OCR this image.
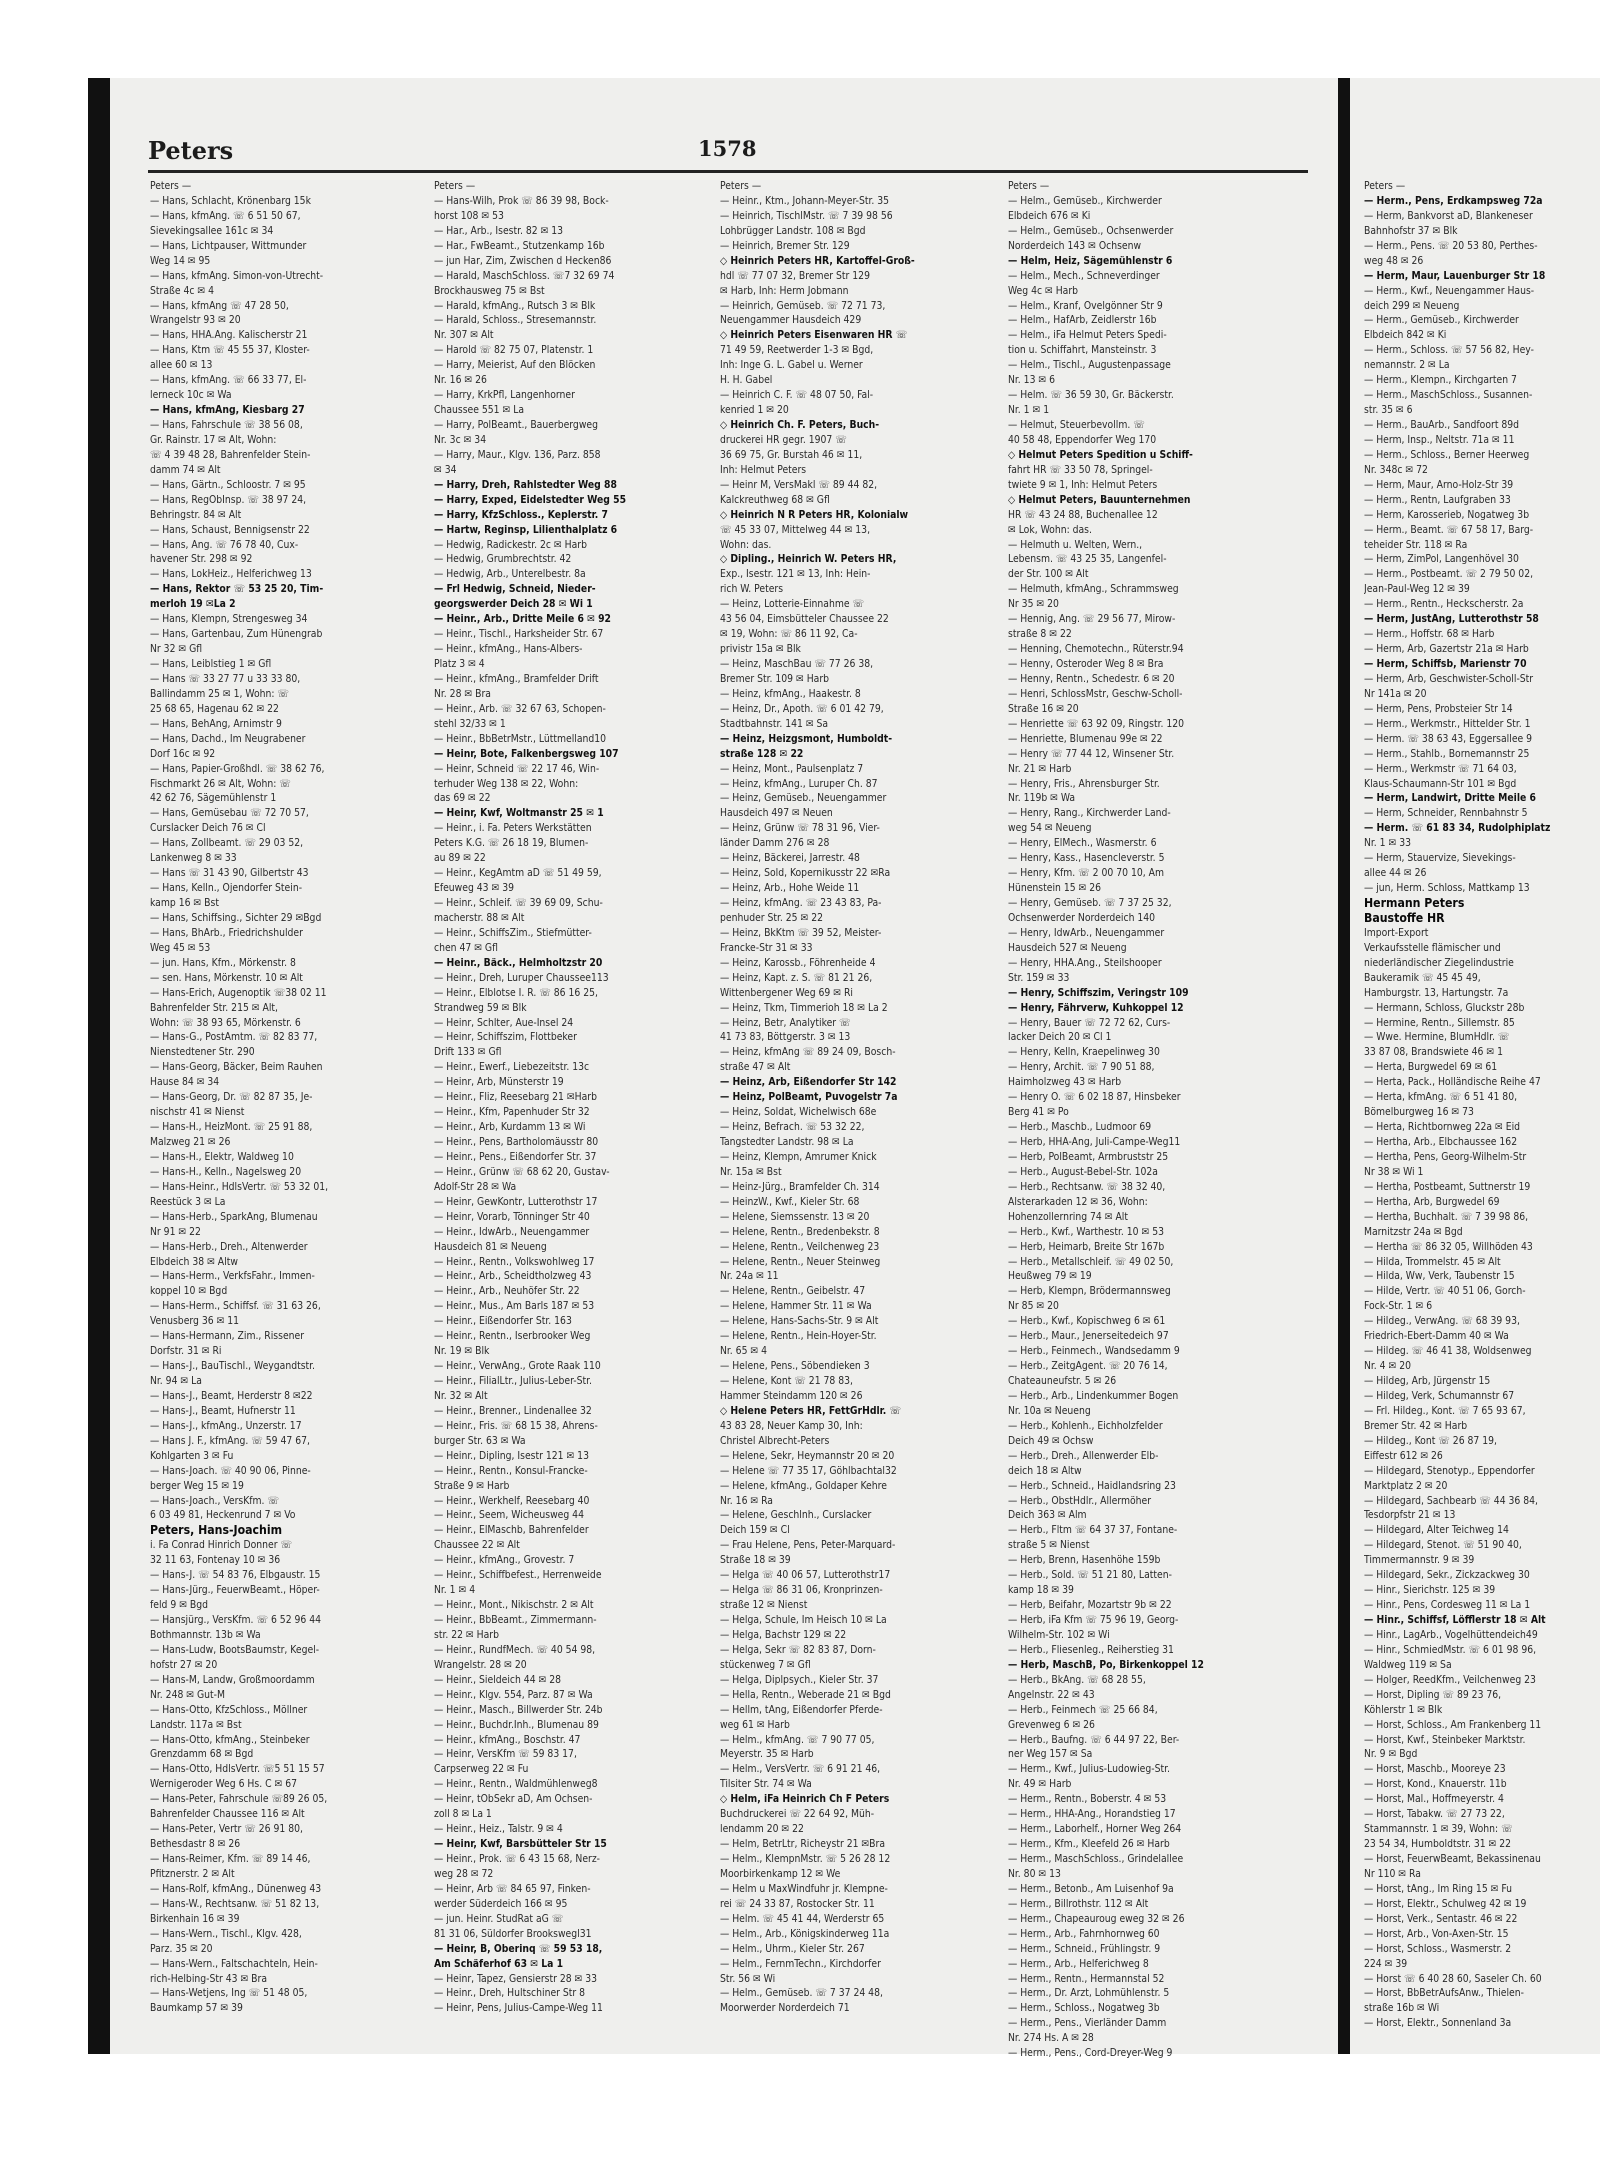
Peters	1578
Peters —
— Hans, Schlacht, Krönenbarg 15k
— Hans, kfmAng. ☏ 6 51 50 67,
Sievekingsallee 161c ✉ 34
— Hans, Lichtpauser, Wittmunder
Weg 14 ✉ 95
— Hans, kfmAng. Simon-von-Utrecht-
Straße 4c ✉ 4
— Hans, kfmAng ☏ 47 28 50,
Wrangelstr 93 ✉ 20
— Hans, HHA.Ang. Kalischerstr 21
— Hans, Ktm ☏ 45 55 37, Kloster-
allee 60 ✉ 13
— Hans, kfmAng. ☏ 66 33 77, El-
lerneck 10c ✉ Wa
— Hans, kfmAng, Kiesbarg 27
— Hans, Fahrschule ☏ 38 56 08,
Gr. Rainstr. 17 ✉ Alt, Wohn:
☏ 4 39 48 28, Bahrenfelder Stein-
damm 74 ✉ Alt
— Hans, Gärtn., Schloostr. 7 ✉ 95
— Hans, RegObInsp. ☏ 38 97 24,
Behringstr. 84 ✉ Alt
— Hans, Schaust, Bennigsenstr 22
— Hans, Ang. ☏ 76 78 40, Cux-
havener Str. 298 ✉ 92
— Hans, LokHeiz., Helferichweg 13
— Hans, Rektor ☏ 53 25 20, Tim-
merloh 19 ✉La 2
— Hans, Klempn, Strengesweg 34
— Hans, Gartenbau, Zum Hünengrab
Nr 32 ✉ Gfl
— Hans, Leiblstieg 1 ✉ Gfl
— Hans ☏ 33 27 77 u 33 33 80,
Ballindamm 25 ✉ 1, Wohn: ☏
25 68 65, Hagenau 62 ✉ 22
— Hans, BehAng, Arnimstr 9
— Hans, Dachd., Im Neugrabener
Dorf 16c ✉ 92
— Hans, Papier-Großhdl. ☏ 38 62 76,
Fischmarkt 26 ✉ Alt, Wohn: ☏
42 62 76, Sägemühlenstr 1
— Hans, Gemüsebau ☏ 72 70 57,
Curslacker Deich 76 ✉ Cl
— Hans, Zollbeamt. ☏ 29 03 52,
Lankenweg 8 ✉ 33
— Hans ☏ 31 43 90, Gilbertstr 43
— Hans, Kelln., Ojendorfer Stein-
kamp 16 ✉ Bst
— Hans, Schiffsing., Sichter 29 ✉Bgd
— Hans, BhArb., Friedrichshulder
Weg 45 ✉ 53
— jun. Hans, Kfm., Mörkenstr. 8
— sen. Hans, Mörkenstr. 10 ✉ Alt
— Hans-Erich, Augenoptik ☏38 02 11
Bahrenfelder Str. 215 ✉ Alt,
Wohn: ☏ 38 93 65, Mörkenstr. 6
— Hans-G., PostAmtm. ☏ 82 83 77,
Nienstedtener Str. 290
— Hans-Georg, Bäcker, Beim Rauhen
Hause 84 ✉ 34
— Hans-Georg, Dr. ☏ 82 87 35, Je-
nischstr 41 ✉ Nienst
— Hans-H., HeizMont. ☏ 25 91 88,
Malzweg 21 ✉ 26
— Hans-H., Elektr, Waldweg 10
— Hans-H., Kelln., Nagelsweg 20
— Hans-Heinr., HdlsVertr. ☏ 53 32 01,
Reestück 3 ✉ La
— Hans-Herb., SparkAng, Blumenau
Nr 91 ✉ 22
— Hans-Herb., Dreh., Altenwerder
Elbdeich 38 ✉ Altw
— Hans-Herm., VerkfsFahr., Immen-
koppel 10 ✉ Bgd
— Hans-Herm., Schiffsf. ☏ 31 63 26,
Venusberg 36 ✉ 11
— Hans-Hermann, Zim., Rissener
Dorfstr. 31 ✉ Ri
— Hans-J., BauTischl., Weygandtstr.
Nr. 94 ✉ La
— Hans-J., Beamt, Herderstr 8 ✉22
— Hans-J., Beamt, Hufnerstr 11
— Hans-J., kfmAng., Unzerstr. 17
— Hans J. F., kfmAng. ☏ 59 47 67,
Kohlgarten 3 ✉ Fu
— Hans-Joach. ☏ 40 90 06, Pinne-
berger Weg 15 ✉ 19
— Hans-Joach., VersKfm. ☏
6 03 49 81, Heckenrund 7 ✉ Vo
Peters, Hans-Joachim
i. Fa Conrad Hinrich Donner ☏
32 11 63, Fontenay 10 ✉ 36
— Hans-J. ☏ 54 83 76, Elbgaustr. 15
— Hans-Jürg., FeuerwBeamt., Höper-
feld 9 ✉ Bgd
— Hansjürg., VersKfm. ☏ 6 52 96 44
Bothmannstr. 13b ✉ Wa
— Hans-Ludw, BootsBaumstr, Kegel-
hofstr 27 ✉ 20
— Hans-M, Landw, Großmoordamm
Nr. 248 ✉ Gut-M
— Hans-Otto, KfzSchloss., Möllner
Landstr. 117a ✉ Bst
— Hans-Otto, kfmAng., Steinbeker
Grenzdamm 68 ✉ Bgd
— Hans-Otto, HdlsVertr. ☏5 51 15 57
Wernigeroder Weg 6 Hs. C ✉ 67
— Hans-Peter, Fahrschule ☏89 26 05,
Bahrenfelder Chaussee 116 ✉ Alt
— Hans-Peter, Vertr ☏ 26 91 80,
Bethesdastr 8 ✉ 26
— Hans-Reimer, Kfm. ☏ 89 14 46,
Pfitznerstr. 2 ✉ Alt
— Hans-Rolf, kfmAng., Dünenweg 43
— Hans-W., Rechtsanw. ☏ 51 82 13,
Birkenhain 16 ✉ 39
— Hans-Wern., Tischl., Klgv. 428,
Parz. 35 ✉ 20
— Hans-Wern., Faltschachteln, Hein-
rich-Helbing-Str 43 ✉ Bra
— Hans-Wetjens, Ing ☏ 51 48 05,
Baumkamp 57 ✉ 39
Peters —
— Hans-Wilh, Prok ☏ 86 39 98, Bock-
horst 108 ✉ 53
— Har., Arb., Isestr. 82 ✉ 13
— Har., FwBeamt., Stutzenkamp 16b
— jun Har, Zim, Zwischen d Hecken86
— Harald, MaschSchloss. ☏7 32 69 74
Brockhausweg 75 ✉ Bst
— Harald, kfmAng., Rutsch 3 ✉ Blk
— Harald, Schloss., Stresemannstr.
Nr. 307 ✉ Alt
— Harold ☏ 82 75 07, Platenstr. 1
— Harry, Meierist, Auf den Blöcken
Nr. 16 ✉ 26
— Harry, KrkPfl, Langenhorner
Chaussee 551 ✉ La
— Harry, PolBeamt., Bauerbergweg
Nr. 3c ✉ 34
— Harry, Maur., Klgv. 136, Parz. 858
✉ 34
— Harry, Dreh, Rahlstedter Weg 88
— Harry, Exped, Eidelstedter Weg 55
— Harry, KfzSchloss., Keplerstr. 7
— Hartw, Reginsp, Lilienthalplatz 6
— Hedwig, Radickestr. 2c ✉ Harb
— Hedwig, Grumbrechtstr. 42
— Hedwig, Arb., Unterelbestr. 8a
— Frl Hedwig, Schneid, Nieder-
georgswerder Deich 28 ✉ Wi 1
— Heinr., Arb., Dritte Meile 6 ✉ 92
— Heinr., Tischl., Harksheider Str. 67
— Heinr., kfmAng., Hans-Albers-
Platz 3 ✉ 4
— Heinr., kfmAng., Bramfelder Drift
Nr. 28 ✉ Bra
— Heinr., Arb. ☏ 32 67 63, Schopen-
stehl 32/33 ✉ 1
— Heinr., BbBetrMstr., Lüttmelland10
— Heinr, Bote, Falkenbergsweg 107
— Heinr, Schneid ☏ 22 17 46, Win-
terhuder Weg 138 ✉ 22, Wohn:
das 69 ✉ 22
— Heinr, Kwf, Woltmanstr 25 ✉ 1
— Heinr., i. Fa. Peters Werkstätten
Peters K.G. ☏ 26 18 19, Blumen-
au 89 ✉ 22
— Heinr., KegAmtm aD ☏ 51 49 59,
Efeuweg 43 ✉ 39
— Heinr., Schleif. ☏ 39 69 09, Schu-
macherstr. 88 ✉ Alt
— Heinr., SchiffsZim., Stiefmütter-
chen 47 ✉ Gfl
— Heinr., Bäck., Helmholtzstr 20
— Heinr., Dreh, Luruper Chaussee113
— Heinr., Elblotse I. R. ☏ 86 16 25,
Strandweg 59 ✉ Blk
— Heinr, Schlter, Aue-Insel 24
— Heinr, Schiffszim, Flottbeker
Drift 133 ✉ Gfl
— Heinr., Ewerf., Liebezeitstr. 13c
— Heinr, Arb, Münsterstr 19
— Heinr., Fliz, Reesebarg 21 ✉Harb
— Heinr., Kfm, Papenhuder Str 32
— Heinr., Arb, Kurdamm 13 ✉ Wi
— Heinr., Pens, Bartholomäusstr 80
— Heinr., Pens., Eißendorfer Str. 37
— Heinr., Grünw ☏ 68 62 20, Gustav-
Adolf-Str 28 ✉ Wa
— Heinr, GewKontr, Lutterothstr 17
— Heinr, Vorarb, Tönninger Str 40
— Heinr., IdwArb., Neuengammer
Hausdeich 81 ✉ Neueng
— Heinr., Rentn., Volkswohlweg 17
— Heinr., Arb., Scheidtholzweg 43
— Heinr., Arb., Neuhöfer Str. 22
— Heinr., Mus., Am Barls 187 ✉ 53
— Heinr., Eißendorfer Str. 163
— Heinr., Rentn., Iserbrooker Weg
Nr. 19 ✉ Blk
— Heinr., VerwAng., Grote Raak 110
— Heinr., FilialLtr., Julius-Leber-Str.
Nr. 32 ✉ Alt
— Heinr., Brenner., Lindenallee 32
— Heinr., Fris. ☏ 68 15 38, Ahrens-
burger Str. 63 ✉ Wa
— Heinr., Dipling, Isestr 121 ✉ 13
— Heinr., Rentn., Konsul-Francke-
Straße 9 ✉ Harb
— Heinr., Werkhelf, Reesebarg 40
— Heinr., Seem, Wicheusweg 44
— Heinr., ElMaschb, Bahrenfelder
Chaussee 22 ✉ Alt
— Heinr., kfmAng., Grovestr. 7
— Heinr., Schiffbefest., Herrenweide
Nr. 1 ✉ 4
— Heinr., Mont., Nikischstr. 2 ✉ Alt
— Heinr., BbBeamt., Zimmermann-
str. 22 ✉ Harb
— Heinr., RundfMech. ☏ 40 54 98,
Wrangelstr. 28 ✉ 20
— Heinr., Sieldeich 44 ✉ 28
— Heinr., Klgv. 554, Parz. 87 ✉ Wa
— Heinr., Masch., Billwerder Str. 24b
— Heinr., Buchdr.Inh., Blumenau 89
— Heinr., kfmAng., Boschstr. 47
— Heinr, VersKfm ☏ 59 83 17,
Carpserweg 22 ✉ Fu
— Heinr., Rentn., Waldmühlenweg8
— Heinr, tObSekr aD, Am Ochsen-
zoll 8 ✉ La 1
— Heinr., Heiz., Talstr. 9 ✉ 4
— Heinr, Kwf, Barsbütteler Str 15
— Heinr., Prok. ☏ 6 43 15 68, Nerz-
weg 28 ✉ 72
— Heinr, Arb ☏ 84 65 97, Finken-
werder Süderdeich 166 ✉ 95
— jun. Heinr. StudRat aG ☏
81 31 06, Süldorfer Brookswegl31
— Heinr, B, Oberinq ☏ 59 53 18,
Am Schäferhof 63 ✉ La 1
— Heinr, Tapez, Gensierstr 28 ✉ 33
— Heinr., Dreh, Hultschiner Str 8
— Heinr, Pens, Julius-Campe-Weg 11
Peters —
— Heinr., Ktm., Johann-Meyer-Str. 35
— Heinrich, TischlMstr. ☏ 7 39 98 56
Lohbrügger Landstr. 108 ✉ Bgd
— Heinrich, Bremer Str. 129
◇ Heinrich Peters HR, Kartoffel-Groß-
hdl ☏ 77 07 32, Bremer Str 129
✉ Harb, Inh: Herm Jobmann
— Heinrich, Gemüseb. ☏ 72 71 73,
Neuengammer Hausdeich 429
◇ Heinrich Peters Eisenwaren HR ☏
71 49 59, Reetwerder 1-3 ✉ Bgd,
Inh: Inge G. L. Gabel u. Werner
H. H. Gabel
— Heinrich C. F. ☏ 48 07 50, Fal-
kenried 1 ✉ 20
◇ Heinrich Ch. F. Peters, Buch-
druckerei HR gegr. 1907 ☏
36 69 75, Gr. Burstah 46 ✉ 11,
Inh: Helmut Peters
— Heinr M, VersMakl ☏ 89 44 82,
Kalckreuthweg 68 ✉ Gfl
◇ Heinrich N R Peters HR, Kolonialw
☏ 45 33 07, Mittelweg 44 ✉ 13,
Wohn: das.
◇ Dipling., Heinrich W. Peters HR,
Exp., Isestr. 121 ✉ 13, Inh: Hein-
rich W. Peters
— Heinz, Lotterie-Einnahme ☏
43 56 04, Eimsbütteler Chaussee 22
✉ 19, Wohn: ☏ 86 11 92, Ca-
privistr 15a ✉ Blk
— Heinz, MaschBau ☏ 77 26 38,
Bremer Str. 109 ✉ Harb
— Heinz, kfmAng., Haakestr. 8
— Heinz, Dr., Apoth. ☏ 6 01 42 79,
Stadtbahnstr. 141 ✉ Sa
— Heinz, Heizgsmont, Humboldt-
straße 128 ✉ 22
— Heinz, Mont., Paulsenplatz 7
— Heinz, kfmAng., Luruper Ch. 87
— Heinz, Gemüseb., Neuengammer
Hausdeich 497 ✉ Neuen
— Heinz, Grünw ☏ 78 31 96, Vier-
länder Damm 276 ✉ 28
— Heinz, Bäckerei, Jarrestr. 48
— Heinz, Sold, Kopernikusstr 22 ✉Ra
— Heinz, Arb., Hohe Weide 11
— Heinz, kfmAng. ☏ 23 43 83, Pa-
penhuder Str. 25 ✉ 22
— Heinz, BkKtm ☏ 39 52, Meister-
Francke-Str 31 ✉ 33
— Heinz, Karossb., Föhrenheide 4
— Heinz, Kapt. z. S. ☏ 81 21 26,
Wittenbergener Weg 69 ✉ Ri
— Heinz, Tkm, Timmerioh 18 ✉ La 2
— Heinz, Betr, Analytiker ☏
41 73 83, Böttgerstr. 3 ✉ 13
— Heinz, kfmAng ☏ 89 24 09, Bosch-
straße 47 ✉ Alt
— Heinz, Arb, Eißendorfer Str 142
— Heinz, PolBeamt, Puvogelstr 7a
— Heinz, Soldat, Wichelwisch 68e
— Heinz, Befrach. ☏ 53 32 22,
Tangstedter Landstr. 98 ✉ La
— Heinz, Klempn, Amrumer Knick
Nr. 15a ✉ Bst
— Heinz-Jürg., Bramfelder Ch. 314
— HeinzW., Kwf., Kieler Str. 68
— Helene, Siemssenstr. 13 ✉ 20
— Helene, Rentn., Bredenbekstr. 8
— Helene, Rentn., Veilchenweg 23
— Helene, Rentn., Neuer Steinweg
Nr. 24a ✉ 11
— Helene, Rentn., Geibelstr. 47
— Helene, Hammer Str. 11 ✉ Wa
— Helene, Hans-Sachs-Str. 9 ✉ Alt
— Helene, Rentn., Hein-Hoyer-Str.
Nr. 65 ✉ 4
— Helene, Pens., Söbendieken 3
— Helene, Kont ☏ 21 78 83,
Hammer Steindamm 120 ✉ 26
◇ Helene Peters HR, FettGrHdlr. ☏
43 83 28, Neuer Kamp 30, Inh:
Christel Albrecht-Peters
— Helene, Sekr, Heymannstr 20 ✉ 20
— Helene ☏ 77 35 17, Göhlbachtal32
— Helene, kfmAng., Goldaper Kehre
Nr. 16 ✉ Ra
— Helene, Geschlnh., Curslacker
Deich 159 ✉ Cl
— Frau Helene, Pens, Peter-Marquard-
Straße 18 ✉ 39
— Helga ☏ 40 06 57, Lutterothstr17
— Helga ☏ 86 31 06, Kronprinzen-
straße 12 ✉ Nienst
— Helga, Schule, Im Heisch 10 ✉ La
— Helga, Bachstr 129 ✉ 22
— Helga, Sekr ☏ 82 83 87, Dorn-
stückenweg 7 ✉ Gfl
— Helga, Diplpsych., Kieler Str. 37
— Hella, Rentn., Weberade 21 ✉ Bgd
— Hellm, tAng, Eißendorfer Pferde-
weg 61 ✉ Harb
— Helm., kfmAng. ☏ 7 90 77 05,
Meyerstr. 35 ✉ Harb
— Helm., VersVertr. ☏ 6 91 21 46,
Tilsiter Str. 74 ✉ Wa
◇ Helm, iFa Heinrich Ch F Peters
Buchdruckerei ☏ 22 64 92, Müh-
lendamm 20 ✉ 22
— Helm, BetrLtr, Richeystr 21 ✉Bra
— Helm., KlempnMstr. ☏ 5 26 28 12
Moorbirkenkamp 12 ✉ We
— Helm u MaxWindfuhr jr. Klempne-
rei ☏ 24 33 87, Rostocker Str. 11
— Helm. ☏ 45 41 44, Werderstr 65
— Helm., Arb., Königskinderweg 11a
— Helm., Uhrm., Kieler Str. 267
— Helm., FernmTechn., Kirchdorfer
Str. 56 ✉ Wi
— Helm., Gemüseb. ☏ 7 37 24 48,
Moorwerder Norderdeich 71
Peters —
— Helm., Gemüseb., Kirchwerder
Elbdeich 676 ✉ Ki
— Helm., Gemüseb., Ochsenwerder
Norderdeich 143 ✉ Ochsenw
— Helm, Heiz, Sägemühlenstr 6
— Helm., Mech., Schneverdinger
Weg 4c ✉ Harb
— Helm., Kranf, Ovelgönner Str 9
— Helm., HafArb, Zeidlerstr 16b
— Helm., iFa Helmut Peters Spedi-
tion u. Schiffahrt, Mansteinstr. 3
— Helm., Tischl., Augustenpassage
Nr. 13 ✉ 6
— Helm. ☏ 36 59 30, Gr. Bäckerstr.
Nr. 1 ✉ 1
— Helmut, Steuerbevollm. ☏
40 58 48, Eppendorfer Weg 170
◇ Helmut Peters Spedition u Schiff-
fahrt HR ☏ 33 50 78, Springel-
twiete 9 ✉ 1, Inh: Helmut Peters
◇ Helmut Peters, Bauunternehmen
HR ☏ 43 24 88, Buchenallee 12
✉ Lok, Wohn: das.
— Helmuth u. Welten, Wern.,
Lebensm. ☏ 43 25 35, Langenfel-
der Str. 100 ✉ Alt
— Helmuth, kfmAng., Schrammsweg
Nr 35 ✉ 20
— Hennig, Ang. ☏ 29 56 77, Mirow-
straße 8 ✉ 22
— Henning, Chemotechn., Rüterstr.94
— Henny, Osteroder Weg 8 ✉ Bra
— Henny, Rentn., Schedestr. 6 ✉ 20
— Henri, SchlossMstr, Geschw-Scholl-
Straße 16 ✉ 20
— Henriette ☏ 63 92 09, Ringstr. 120
— Henriette, Blumenau 99e ✉ 22
— Henry ☏ 77 44 12, Winsener Str.
Nr. 21 ✉ Harb
— Henry, Fris., Ahrensburger Str.
Nr. 119b ✉ Wa
— Henry, Rang., Kirchwerder Land-
weg 54 ✉ Neueng
— Henry, ElMech., Wasmerstr. 6
— Henry, Kass., Hasencleverstr. 5
— Henry, Kfm. ☏ 2 00 70 10, Am
Hünenstein 15 ✉ 26
— Henry, Gemüseb. ☏ 7 37 25 32,
Ochsenwerder Norderdeich 140
— Henry, IdwArb., Neuengammer
Hausdeich 527 ✉ Neueng
— Henry, HHA.Ang., Steilshooper
Str. 159 ✉ 33
— Henry, Schiffszim, Veringstr 109
— Henry, Fährverw, Kuhkoppel 12
— Henry, Bauer ☏ 72 72 62, Curs-
lacker Deich 20 ✉ Cl 1
— Henry, Kelln, Kraepelinweg 30
— Henry, Archit. ☏ 7 90 51 88,
Haimholzweg 43 ✉ Harb
— Henry O. ☏ 6 02 18 87, Hinsbeker
Berg 41 ✉ Po
— Herb., Maschb., Ludmoor 69
— Herb, HHA-Ang, Juli-Campe-Weg11
— Herb, PolBeamt, Armbruststr 25
— Herb., August-Bebel-Str. 102a
— Herb., Rechtsanw. ☏ 38 32 40,
Alsterarkaden 12 ✉ 36, Wohn:
Hohenzollernring 74 ✉ Alt
— Herb., Kwf., Warthestr. 10 ✉ 53
— Herb, Heimarb, Breite Str 167b
— Herb., Metallschleif. ☏ 49 02 50,
Heußweg 79 ✉ 19
— Herb, Klempn, Brödermannsweg
Nr 85 ✉ 20
— Herb., Kwf., Kopischweg 6 ✉ 61
— Herb., Maur., Jenerseitedeich 97
— Herb., Feinmech., Wandsedamm 9
— Herb., ZeitgAgent. ☏ 20 76 14,
Chateauneufstr. 5 ✉ 26
— Herb., Arb., Lindenkummer Bogen
Nr. 10a ✉ Neueng
— Herb., Kohlenh., Eichholzfelder
Deich 49 ✉ Ochsw
— Herb., Dreh., Allenwerder Elb-
deich 18 ✉ Altw
— Herb., Schneid., Haidlandsring 23
— Herb., ObstHdlr., Allermöher
Deich 363 ✉ Alm
— Herb., Fltm ☏ 64 37 37, Fontane-
straße 5 ✉ Nienst
— Herb, Brenn, Hasenhöhe 159b
— Herb., Sold. ☏ 51 21 80, Latten-
kamp 18 ✉ 39
— Herb, Beifahr, Mozartstr 9b ✉ 22
— Herb, iFa Kfm ☏ 75 96 19, Georg-
Wilhelm-Str. 102 ✉ Wi
— Herb., Fliesenleg., Reiherstieg 31
— Herb, MaschB, Po, Birkenkoppel 12
— Herb., BkAng. ☏ 68 28 55,
Angelnstr. 22 ✉ 43
— Herb., Feinmech ☏ 25 66 84,
Grevenweg 6 ✉ 26
— Herb., Baufng. ☏ 6 44 97 22, Ber-
ner Weg 157 ✉ Sa
— Herm., Kwf., Julius-Ludowieg-Str.
Nr. 49 ✉ Harb
— Herm., Rentn., Boberstr. 4 ✉ 53
— Herm., HHA-Ang., Horandstieg 17
— Herm., Laborhelf., Horner Weg 264
— Herm., Kfm., Kleefeld 26 ✉ Harb
— Herm., MaschSchloss., Grindelallee
Nr. 80 ✉ 13
— Herm., Betonb., Am Luisenhof 9a
— Herm., Billrothstr. 112 ✉ Alt
— Herm., Chapeauroug eweg 32 ✉ 26
— Herm., Arb., Fahrnhornweg 60
— Herm., Schneid., Frühlingstr. 9
— Herm., Arb., Helferichweg 8
— Herm., Rentn., Hermannstal 52
— Herm., Dr. Arzt, Lohmühlenstr. 5
— Herm., Schloss., Nogatweg 3b
— Herm., Pens., Vierländer Damm
Nr. 274 Hs. A ✉ 28
— Herm., Pens., Cord-Dreyer-Weg 9
Peters —
— Herm., Pens, Erdkampsweg 72a
— Herm, Bankvorst aD, Blankeneser
Bahnhofstr 37 ✉ Blk
— Herm., Pens. ☏ 20 53 80, Perthes-
weg 48 ✉ 26
— Herm, Maur, Lauenburger Str 18
— Herm., Kwf., Neuengammer Haus-
deich 299 ✉ Neueng
— Herm., Gemüseb., Kirchwerder
Elbdeich 842 ✉ Ki
— Herm., Schloss. ☏ 57 56 82, Hey-
nemannstr. 2 ✉ La
— Herm., Klempn., Kirchgarten 7
— Herm., MaschSchloss., Susannen-
str. 35 ✉ 6
— Herm., BauArb., Sandfoort 89d
— Herm, Insp., Neltstr. 71a ✉ 11
— Herm., Schloss., Berner Heerweg
Nr. 348c ✉ 72
— Herm, Maur, Arno-Holz-Str 39
— Herm., Rentn, Laufgraben 33
— Herm, Karosseriеb, Nogatweg 3b
— Herm., Beamt. ☏ 67 58 17, Barg-
teheider Str. 118 ✉ Ra
— Herm, ZimPol, Langenhövel 30
— Herm., Postbeamt. ☏ 2 79 50 02,
Jean-Paul-Weg 12 ✉ 39
— Herm., Rentn., Heckscherstr. 2a
— Herm, JustAng, Lutterothstr 58
— Herm., Hoffstr. 68 ✉ Harb
— Herm, Arb, Gazertstr 21a ✉ Harb
— Herm, Schiffsb, Marienstr 70
— Herm, Arb, Geschwister-Scholl-Str
Nr 141a ✉ 20
— Herm, Pens, Probsteier Str 14
— Herm., Werkmstr., Hittelder Str. 1
— Herm. ☏ 38 63 43, Eggersallee 9
— Herm., Stahlb., Bornemannstr 25
— Herm., Werkmstr ☏ 71 64 03,
Klaus-Schaumann-Str 101 ✉ Bgd
— Herm, Landwirt, Dritte Meile 6
— Herm, Schneider, Rennbahnstr 5
— Herm. ☏ 61 83 34, Rudolphiplatz
Nr. 1 ✉ 33
— Herm, Stauervize, Sievekings-
allee 44 ✉ 26
— jun, Herm. Schloss, Mattkamp 13
Hermann Peters
Baustoffe HR
Import-Export
Verkaufsstelle flämischer und
niederländischer Ziegelindustrie
Baukeramik ☏ 45 45 49,
Hamburgstr. 13, Hartungstr. 7a
— Hermann, Schloss, Gluckstr 28b
— Hermine, Rentn., Sillemstr. 85
— Wwe. Hermine, BlumHdlr. ☏
33 87 08, Brandswiete 46 ✉ 1
— Herta, Burgwedel 69 ✉ 61
— Herta, Pack., Holländische Reihe 47
— Herta, kfmAng. ☏ 6 51 41 80,
Bömelburgweg 16 ✉ 73
— Herta, Richtbornweg 22a ✉ Eid
— Hertha, Arb., Elbchaussee 162
— Hertha, Pens, Georg-Wilhelm-Str
Nr 38 ✉ Wi 1
— Hertha, Postbeamt, Suttnerstr 19
— Hertha, Arb, Burgwedel 69
— Hertha, Buchhalt. ☏ 7 39 98 86,
Marnitzstr 24a ✉ Bgd
— Hertha ☏ 86 32 05, Willhöden 43
— Hilda, Trommelstr. 45 ✉ Alt
— Hilda, Ww, Verk, Taubenstr 15
— Hilde, Vertr. ☏ 40 51 06, Gorch-
Fock-Str. 1 ✉ 6
— Hildeg., VerwAng. ☏ 68 39 93,
Friedrich-Ebert-Damm 40 ✉ Wa
— Hildeg. ☏ 46 41 38, Woldsenweg
Nr. 4 ✉ 20
— Hildeg, Arb, Jürgenstr 15
— Hildeg, Verk, Schumannstr 67
— Frl. Hildeg., Kont. ☏ 7 65 93 67,
Bremer Str. 42 ✉ Harb
— Hildeg., Kont ☏ 26 87 19,
Eiffestr 612 ✉ 26
— Hildegard, Stenotyp., Eppendorfer
Marktplatz 2 ✉ 20
— Hildegard, Sachbearb ☏ 44 36 84,
Tesdorpfstr 21 ✉ 13
— Hildegard, Alter Teichweg 14
— Hildegard, Stenot. ☏ 51 90 40,
Timmermannstr. 9 ✉ 39
— Hildegard, Sekr., Zickzackweg 30
— Hinr., Sierichstr. 125 ✉ 39
— Hinr., Pens, Cordesweg 11 ✉ La 1
— Hinr., Schiffsf, Löfflerstr 18 ✉ Alt
— Hinr., LagArb., Vogelhüttendeich49
— Hinr., SchmiedMstr. ☏ 6 01 98 96,
Waldweg 119 ✉ Sa
— Holger, ReedKfm., Veilchenweg 23
— Horst, Dipling ☏ 89 23 76,
Köhlerstr 1 ✉ Blk
— Horst, Schloss., Am Frankenberg 11
— Horst, Kwf., Steinbeker Marktstr.
Nr. 9 ✉ Bgd
— Horst, Maschb., Mooreye 23
— Horst, Kond., Knauerstr. 11b
— Horst, Mal., Hoffmeyerstr. 4
— Horst, Tabakw. ☏ 27 73 22,
Stammannstr. 1 ✉ 39, Wohn: ☏
23 54 34, Humboldtstr. 31 ✉ 22
— Horst, FeuerwBeamt, Bekassinenau
Nr 110 ✉ Ra
— Horst, tAng., Im Ring 15 ✉ Fu
— Horst, Elektr., Schulweg 42 ✉ 19
— Horst, Verk., Sentastr. 46 ✉ 22
— Horst, Arb., Von-Axen-Str. 15
— Horst, Schloss., Wasmerstr. 2
224 ✉ 39
— Horst ☏ 6 40 28 60, Saseler Ch. 60
— Horst, BbBetrAufsAnw., Thielen-
straße 16b ✉ Wi
— Horst, Elektr., Sonnenland 3a
